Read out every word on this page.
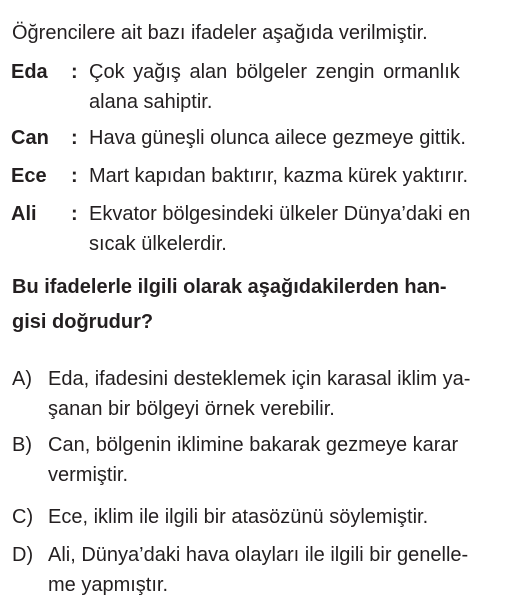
Öğrencilere ait bazı ifadeler aşağıda verilmiştir.
Eda : Çok yağış alan bölgeler zengin ormanlık
alana sahiptir.
Can : Hava güneşli olunca ailece gezmeye gittik.
Ece : Mart kapıdan baktırır, kazma kürek yaktırır.
Ali : Ekvator bölgesindeki ülkeler Dünya’daki en
sıcak ülkelerdir.
Bu ifadelerle ilgili olarak aşağıdakilerden han-
gisi doğrudur?
A) Eda, ifadesini desteklemek için karasal iklim ya-
şanan bir bölgeyi örnek verebilir.
B) Can, bölgenin iklimine bakarak gezmeye karar
vermiştir.
C) Ece, iklim ile ilgili bir atasözünü söylemiştir.
D) Ali, Dünya’daki hava olayları ile ilgili bir genelle-
me yapmıştır.
